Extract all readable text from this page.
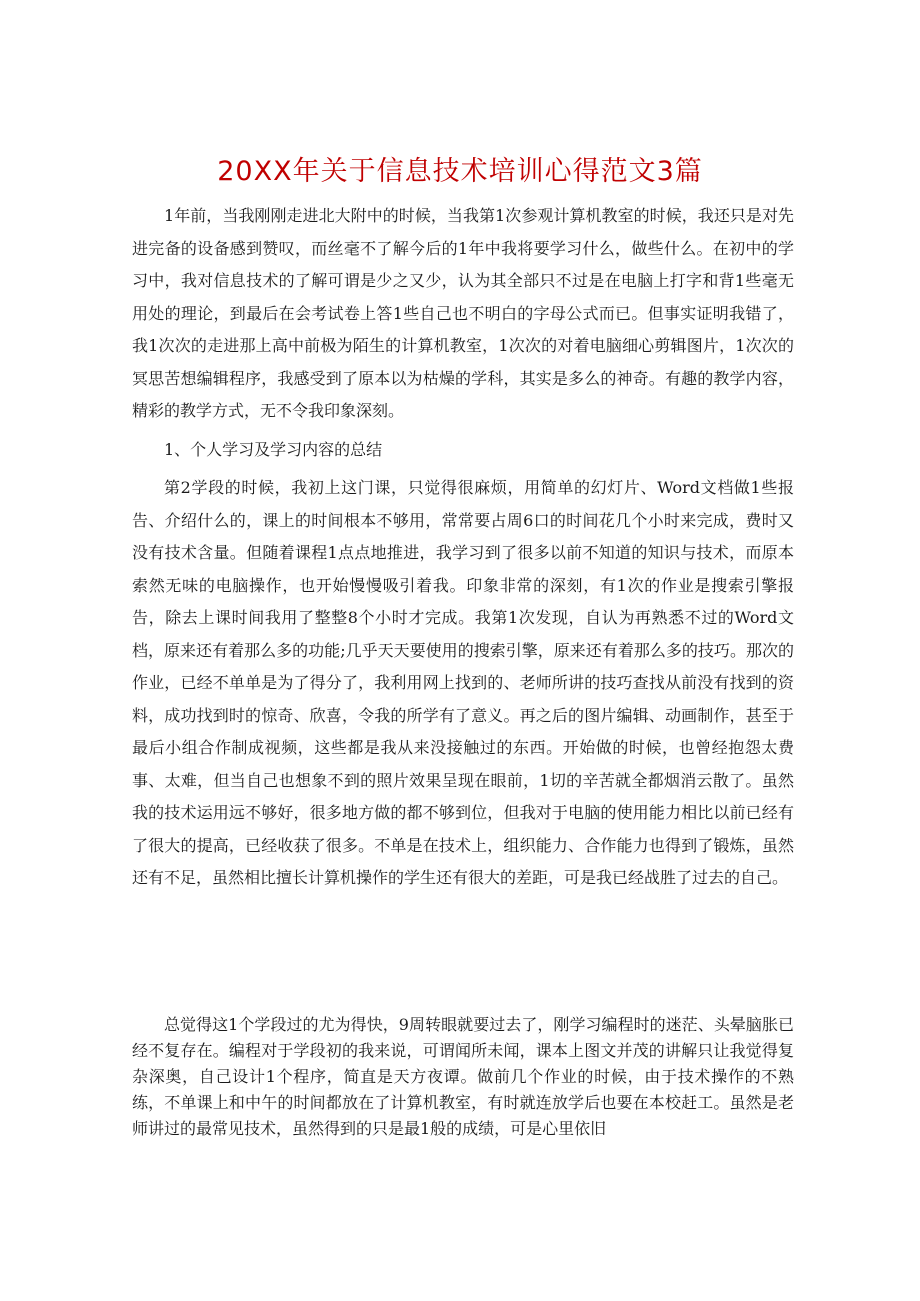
20XX年关于信息技术培训心得范文3篇

1年前，当我刚刚走进北大附中的时候，当我第1次参观计算机教室的时候，我还只是对先进完备的设备感到赞叹，而丝毫不了解今后的1年中我将要学习什么，做些什么。在初中的学习中，我对信息技术的了解可谓是少之又少，认为其全部只不过是在电脑上打字和背1些毫无用处的理论，到最后在会考试卷上答1些自己也不明白的字母公式而已。但事实证明我错了，我1次次的走进那上高中前极为陌生的计算机教室，1次次的对着电脑细心剪辑图片，1次次的冥思苦想编辑程序，我感受到了原本以为枯燥的学科，其实是多么的神奇。有趣的教学内容，精彩的教学方式，无不令我印象深刻。

1、个人学习及学习内容的总结

第2学段的时候，我初上这门课，只觉得很麻烦，用简单的幻灯片、Word文档做1些报告、介绍什么的，课上的时间根本不够用，常常要占周6口的时间花几个小时来完成，费时又没有技术含量。但随着课程1点点地推进，我学习到了很多以前不知道的知识与技术，而原本索然无味的电脑操作，也开始慢慢吸引着我。印象非常的深刻，有1次的作业是搜索引擎报告，除去上课时间我用了整整8个小时才完成。我第1次发现，自认为再熟悉不过的Word文档，原来还有着那么多的功能;几乎天天要使用的搜索引擎，原来还有着那么多的技巧。那次的作业，已经不单单是为了得分了，我利用网上找到的、老师所讲的技巧查找从前没有找到的资料，成功找到时的惊奇、欣喜，令我的所学有了意义。再之后的图片编辑、动画制作，甚至于最后小组合作制成视频，这些都是我从来没接触过的东西。开始做的时候，也曾经抱怨太费事、太难，但当自己也想象不到的照片效果呈现在眼前，1切的辛苦就全都烟消云散了。虽然我的技术运用远不够好，很多地方做的都不够到位，但我对于电脑的使用能力相比以前已经有了很大的提高，已经收获了很多。不单是在技术上，组织能力、合作能力也得到了锻炼，虽然还有不足，虽然相比擅长计算机操作的学生还有很大的差距，可是我已经战胜了过去的自己。

总觉得这1个学段过的尤为得快，9周转眼就要过去了，刚学习编程时的迷茫、头晕脑胀已经不复存在。编程对于学段初的我来说，可谓闻所未闻，课本上图文并茂的讲解只让我觉得复杂深奥，自己设计1个程序，简直是天方夜谭。做前几个作业的时候，由于技术操作的不熟练，不单课上和中午的时间都放在了计算机教室，有时就连放学后也要在本校赶工。虽然是老师讲过的最常见技术，虽然得到的只是最1般的成绩，可是心里依旧
